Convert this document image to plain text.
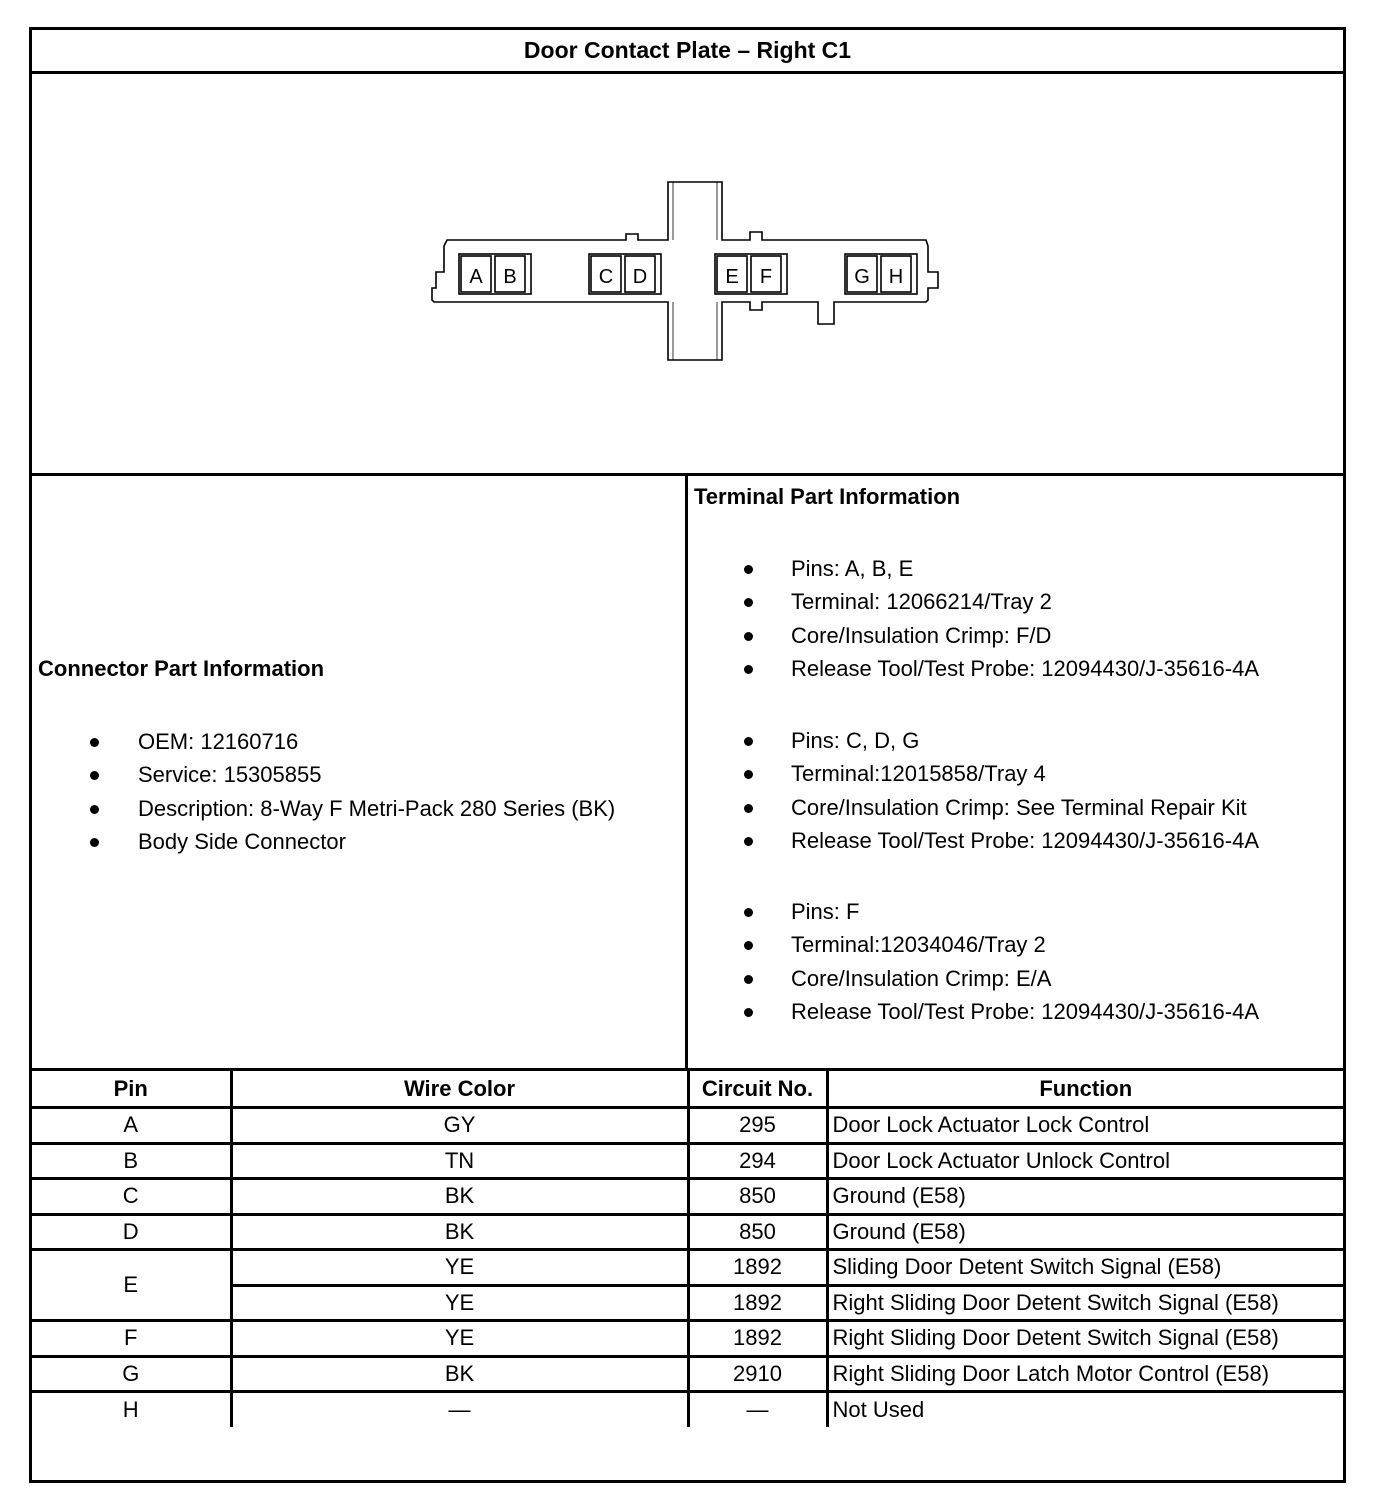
Door Contact Plate – Right C1
A B	C D	E F	G H
Connector Part Information
OEM: 12160716
Service: 15305855
Description: 8-Way F Metri-Pack 280 Series (BK)
Body Side Connector
Terminal Part Information
Pins: A, B, E
Terminal: 12066214/Tray 2
Core/Insulation Crimp: F/D
Release Tool/Test Probe: 12094430/J-35616-4A
Pins: C, D, G
Terminal:12015858/Tray 4
Core/Insulation Crimp: See Terminal Repair Kit
Release Tool/Test Probe: 12094430/J-35616-4A
Pins: F
Terminal:12034046/Tray 2
Core/Insulation Crimp: E/A
Release Tool/Test Probe: 12094430/J-35616-4A
Pin	Wire Color	Circuit No.	Function
A	GY	295	Door Lock Actuator Lock Control
B	TN	294	Door Lock Actuator Unlock Control
C	BK	850	Ground (E58)
D	BK	850	Ground (E58)
E	YE	1892	Sliding Door Detent Switch Signal (E58)
	YE	1892	Right Sliding Door Detent Switch Signal (E58)
F	YE	1892	Right Sliding Door Detent Switch Signal (E58)
G	BK	2910	Right Sliding Door Latch Motor Control (E58)
H	—	—	Not Used
